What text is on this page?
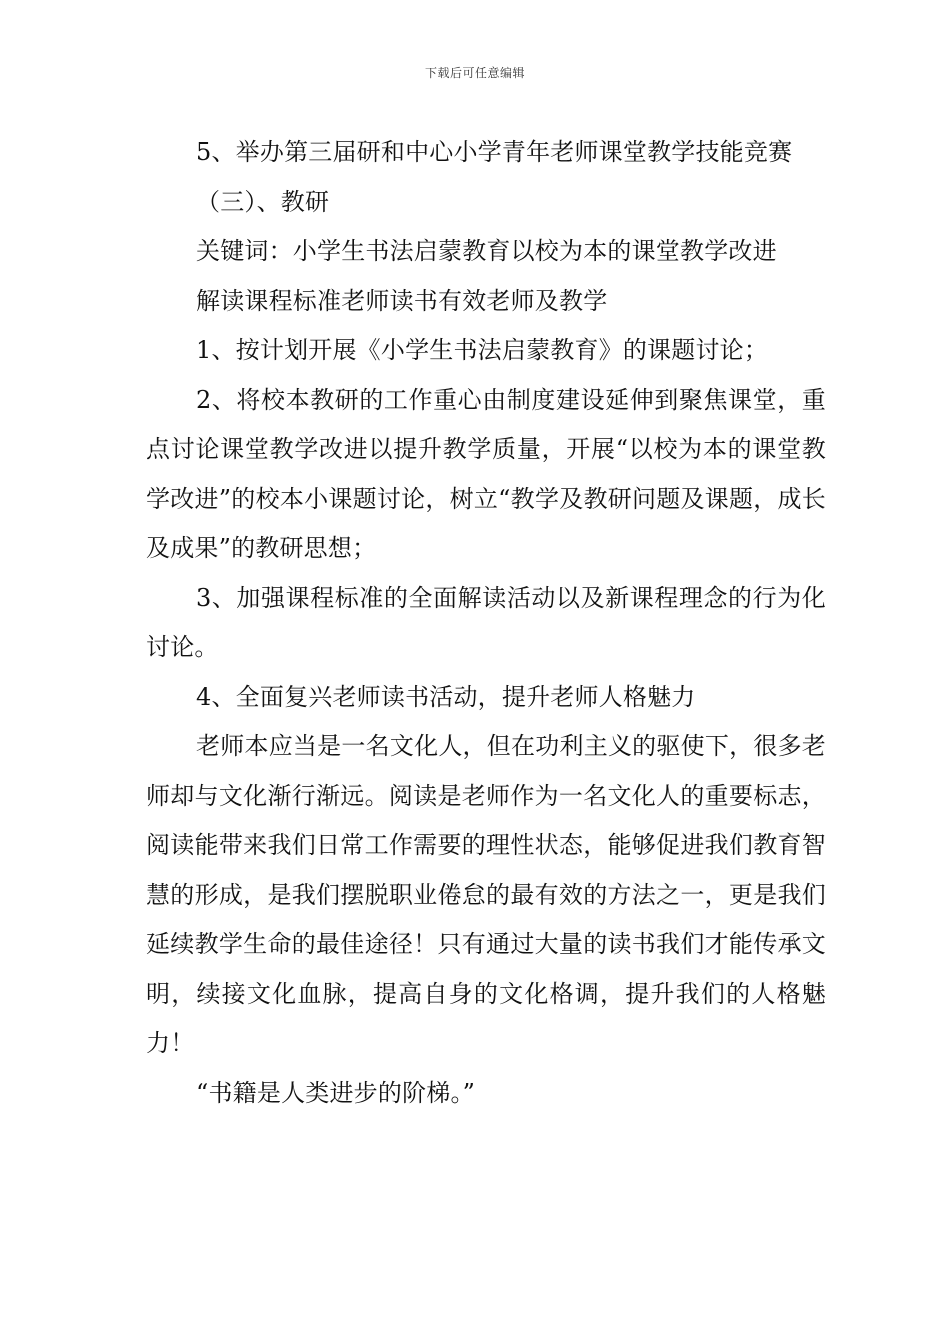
下载后可任意编辑

5、举办第三届研和中心小学青年老师课堂教学技能竞赛

（三）、教研

关键词：小学生书法启蒙教育以校为本的课堂教学改进

解读课程标准老师读书有效老师及教学

1、按计划开展《小学生书法启蒙教育》的课题讨论；

2、将校本教研的工作重心由制度建设延伸到聚焦课堂，重点讨论课堂教学改进以提升教学质量，开展“以校为本的课堂教学改进”的校本小课题讨论，树立“教学及教研问题及课题，成长及成果”的教研思想；

3、加强课程标准的全面解读活动以及新课程理念的行为化讨论。

4、全面复兴老师读书活动，提升老师人格魅力

老师本应当是一名文化人，但在功利主义的驱使下，很多老师却与文化渐行渐远。阅读是老师作为一名文化人的重要标志，阅读能带来我们日常工作需要的理性状态，能够促进我们教育智慧的形成，是我们摆脱职业倦怠的最有效的方法之一，更是我们延续教学生命的最佳途径！只有通过大量的读书我们才能传承文明，续接文化血脉，提高自身的文化格调，提升我们的人格魅力！

“书籍是人类进步的阶梯。”
